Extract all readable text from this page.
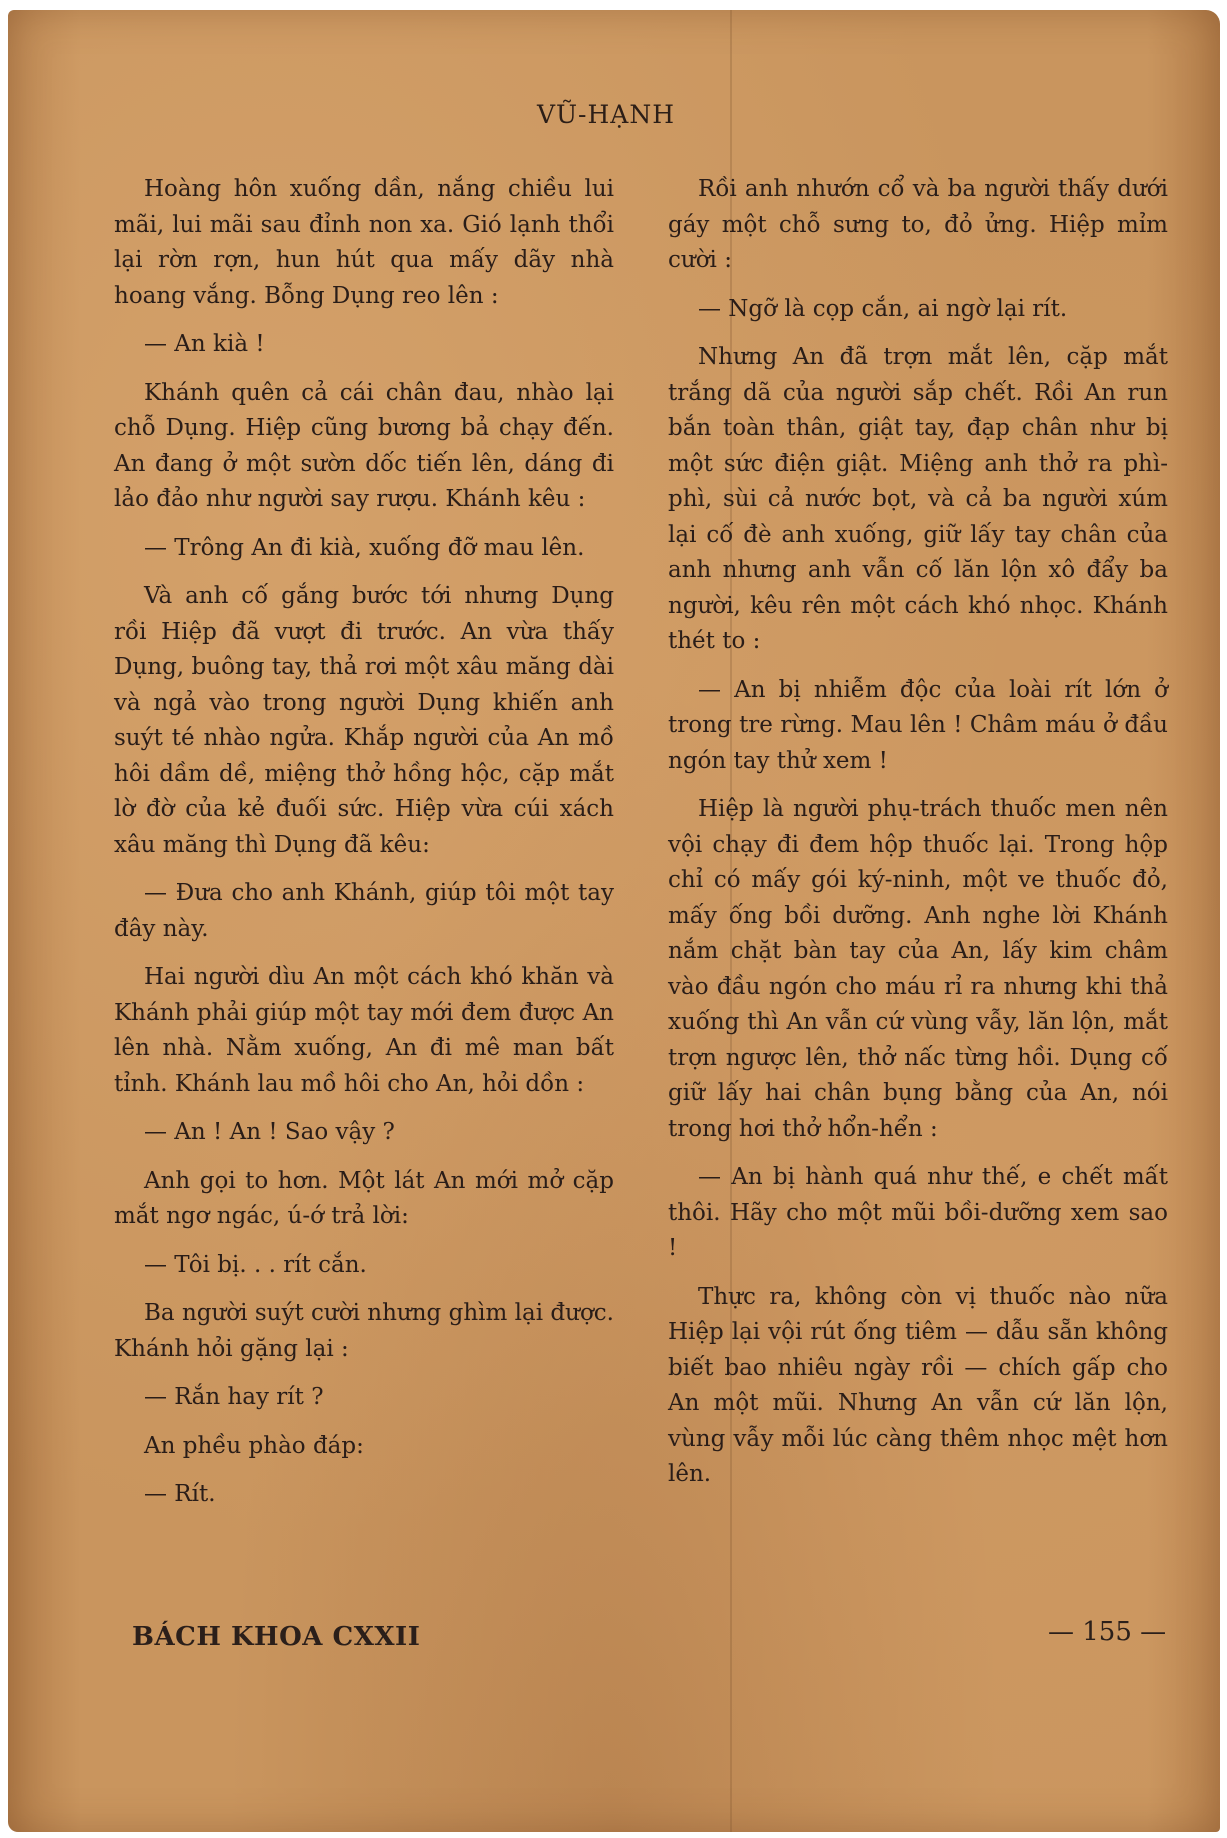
VŨ-HẠNH

Hoàng hôn xuống dần, nắng chiều lui mãi, lui mãi sau đỉnh non xa. Gió lạnh thổi lại rờn rợn, hun hút qua mấy dãy nhà hoang vắng. Bỗng Dụng reo lên :

— An kià !

Khánh quên cả cái chân đau, nhào lại chỗ Dụng. Hiệp cũng bương bả chạy đến. An đang ở một sườn dốc tiến lên, dáng đi lảo đảo như người say rượu. Khánh kêu :

— Trông An đi kià, xuống đỡ mau lên.

Và anh cố gắng bước tới nhưng Dụng rồi Hiệp đã vượt đi trước. An vừa thấy Dụng, buông tay, thả rơi một xâu măng dài và ngả vào trong người Dụng khiến anh suýt té nhào ngửa. Khắp người của An mồ hôi dầm dề, miệng thở hồng hộc, cặp mắt lờ đờ của kẻ đuối sức. Hiệp vừa cúi xách xâu măng thì Dụng đã kêu:

— Đưa cho anh Khánh, giúp tôi một tay đây này.

Hai người dìu An một cách khó khăn và Khánh phải giúp một tay mới đem được An lên nhà. Nằm xuống, An đi mê man bất tỉnh. Khánh lau mồ hôi cho An, hỏi dồn :

— An ! An ! Sao vậy ?

Anh gọi to hơn. Một lát An mới mở cặp mắt ngơ ngác, ú-ớ trả lời:

— Tôi bị. . . rít cắn.

Ba người suýt cười nhưng ghìm lại được. Khánh hỏi gặng lại :

— Rắn hay rít ?

An phều phào đáp:

— Rít.

Rồi anh nhướn cổ và ba người thấy dưới gáy một chỗ sưng to, đỏ ửng. Hiệp mỉm cười :

— Ngỡ là cọp cắn, ai ngờ lại rít.

Nhưng An đã trợn mắt lên, cặp mắt trắng dã của người sắp chết. Rồi An run bắn toàn thân, giật tay, đạp chân như bị một sức điện giật. Miệng anh thở ra phì-phì, sùi cả nước bọt, và cả ba người xúm lại cố đè anh xuống, giữ lấy tay chân của anh nhưng anh vẫn cố lăn lộn xô đẩy ba người, kêu rên một cách khó nhọc. Khánh thét to :

— An bị nhiễm độc của loài rít lớn ở trong tre rừng. Mau lên ! Châm máu ở đầu ngón tay thử xem !

Hiệp là người phụ-trách thuốc men nên vội chạy đi đem hộp thuốc lại. Trong hộp chỉ có mấy gói ký-ninh, một ve thuốc đỏ, mấy ống bồi dưỡng. Anh nghe lời Khánh nắm chặt bàn tay của An, lấy kim châm vào đầu ngón cho máu rỉ ra nhưng khi thả xuống thì An vẫn cứ vùng vẫy, lăn lộn, mắt trợn ngược lên, thở nấc từng hồi. Dụng cố giữ lấy hai chân bụng bằng của An, nói trong hơi thở hổn-hển :

— An bị hành quá như thế, e chết mất thôi. Hãy cho một mũi bồi-dưỡng xem sao !

Thực ra, không còn vị thuốc nào nữa Hiệp lại vội rút ống tiêm — dẫu sẵn không biết bao nhiêu ngày rồi — chích gấp cho An một mũi. Nhưng An vẫn cứ lăn lộn, vùng vẫy mỗi lúc càng thêm nhọc mệt hơn lên.

BÁCH KHOA CXXII	— 155 —
